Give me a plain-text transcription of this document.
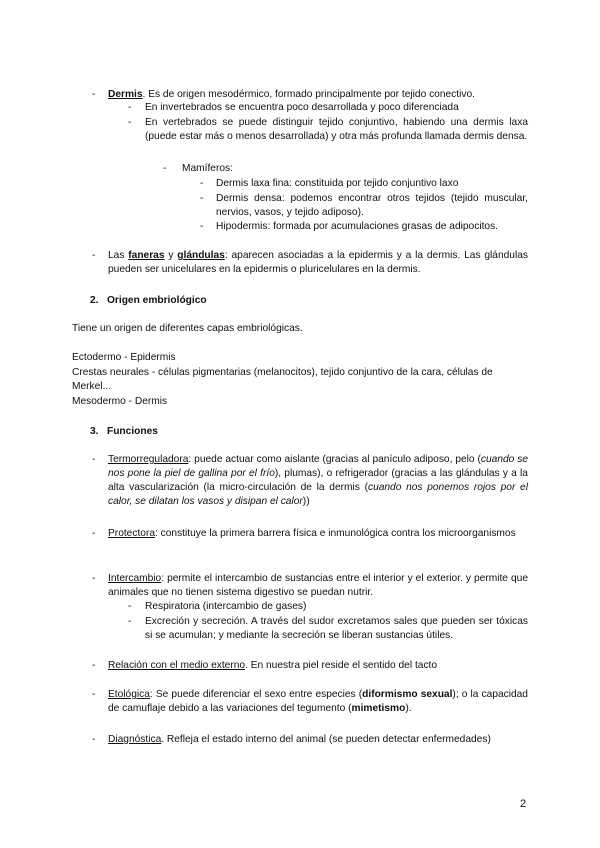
- Dermis. Es de origen mesodérmico, formado principalmente por tejido conectivo.
- En invertebrados se encuentra poco desarrollada y poco diferenciada
- En vertebrados se puede distinguir tejido conjuntivo, habiendo una dermis laxa (puede estar más o menos desarrollada) y otra más profunda llamada dermis densa.
- Mamíferos:
- Dermis laxa fina: constituida por tejido conjuntivo laxo
- Dermis densa: podemos encontrar otros tejidos (tejido muscular, nervios, vasos, y tejido adiposo).
- Hipodermis: formada por acumulaciones grasas de adipocitos.
- Las faneras y glándulas: aparecen asociadas a la epidermis y a la dermis. Las glándulas pueden ser unicelulares en la epidermis o pluricelulares en la dermis.
2.   Origen embriológico
Tiene un origen de diferentes capas embriológicas.
Ectodermo - Epidermis
Crestas neurales - células pigmentarias (melanocitos), tejido conjuntivo de la cara, células de Merkel...
Mesodermo - Dermis
3.   Funciones
- Termorreguladora: puede actuar como aislante (gracias al panículo adiposo, pelo (cuando se nos pone la piel de gallina por el frío), plumas), o refrigerador (gracias a las glándulas y a la alta vascularización (la micro-circulación de la dermis (cuando nos ponemos rojos por el calor, se dilatan los vasos y disipan el calor))
- Protectora: constituye la primera barrera física e inmunológica contra los microorganismos
- Intercambio: permite el intercambio de sustancias entre el interior y el exterior. y permite que animales que no tienen sistema digestivo se puedan nutrir.
- Respiratoria (intercambio de gases)
- Excreción y secreción. A través del sudor excretamos sales que pueden ser tóxicas si se acumulan; y mediante la secreción se liberan sustancias útiles.
- Relación con el medio externo. En nuestra piel reside el sentido del tacto
- Etológica: Se puede diferenciar el sexo entre especies (diformismo sexual); o la capacidad de camuflaje debido a las variaciones del tegumento (mimetismo).
- Diagnóstica. Refleja el estado interno del animal (se pueden detectar enfermedades)
2
